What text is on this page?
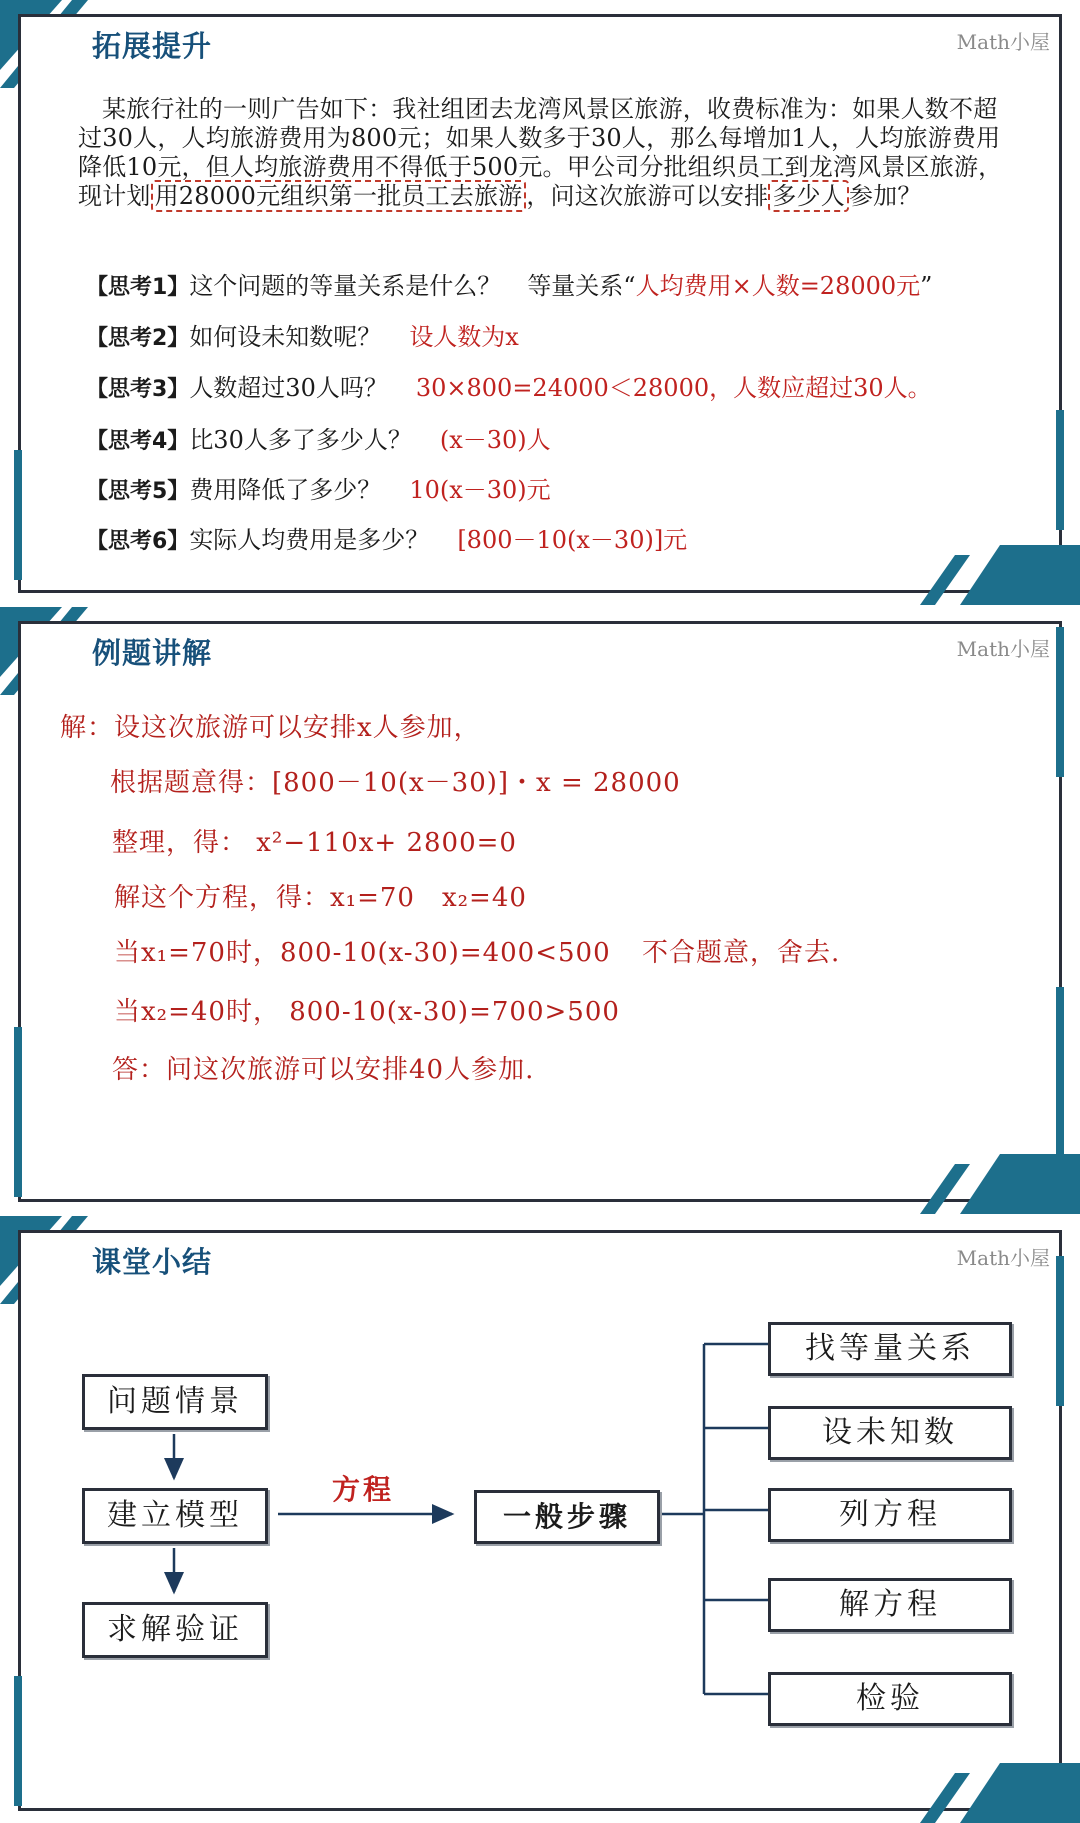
拓展提升	Math小屋
某旅行社的一则广告如下：我社组团去龙湾风景区旅游，收费标准为：如果人数不超过30人，人均旅游费用为800元；如果人数多于30人，那么每增加1人，人均旅游费用降低10元，但人均旅游费用不得低于500元。甲公司分批组织员工到龙湾风景区旅游，现计划 用28000元组织第一批员工去旅游 ，问这次旅游可以安排 多少人 参加？
【思考1】这个问题的等量关系是什么？ 等量关系“人均费用×人数=28000元”
【思考2】如何设未知数呢？ 设人数为x
【思考3】人数超过30人吗？ 30×800=24000＜28000，人数应超过30人。
【思考4】比30人多了多少人？ (x－30)人
【思考5】费用降低了多少？ 10(x－30)元
【思考6】实际人均费用是多少？ [800－10(x－30)]元
例题讲解	Math小屋
解：设这次旅游可以安排x人参加，
根据题意得：[800－10(x－30)]・x = 28000
整理，得： x²−110x+ 2800=0
解这个方程，得：x₁=70　x₂=40
当x₁=70时，800-10(x-30)=400<500 不合题意，舍去.
当x₂=40时， 800-10(x-30)=700>500
答：问这次旅游可以安排40人参加.
课堂小结	Math小屋
问题情景
建立模型
求解验证
方程
一般步骤
找等量关系
设未知数
列方程
解方程
检验
